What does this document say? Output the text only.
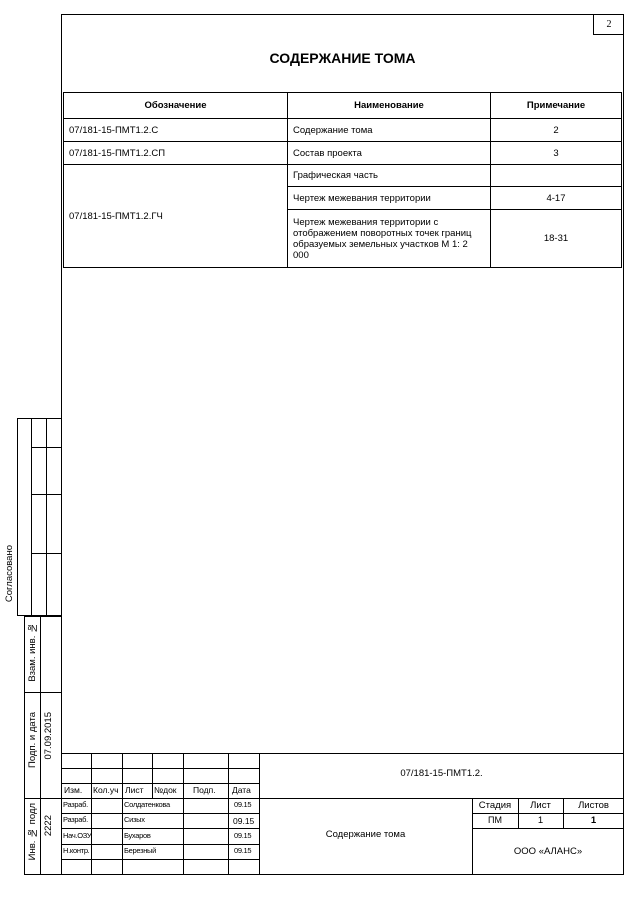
2
СОДЕРЖАНИЕ ТОМА
Обозначение	Наименование	Примечание
07/181-15-ПМТ1.2.С	Содержание тома	2
07/181-15-ПМТ1.2.СП	Состав проекта	3
07/181-15-ПМТ1.2.ГЧ	Графическая часть	
	Чертеж межевания территории	4-17
	Чертеж межевания территории с отображением поворотных точек границ образуемых земельных участков М 1: 2 000	18-31
Согласовано
Взам. инв. №
Подп. и дата 07.09.2015
Инв. № подл 2222
Изм. Кол.уч Лист №док Подп. Дата
Разраб.	Солдатенкова	09.15
Разраб.	Сизых	09.15
Нач.ОЗУ	Бухаров	09.15
Н.контр.	Березный	09.15
07/181-15-ПМТ1.2.
Содержание тома
Стадия	Лист	Листов
ПМ	1	1
ООО «АЛАНС»
